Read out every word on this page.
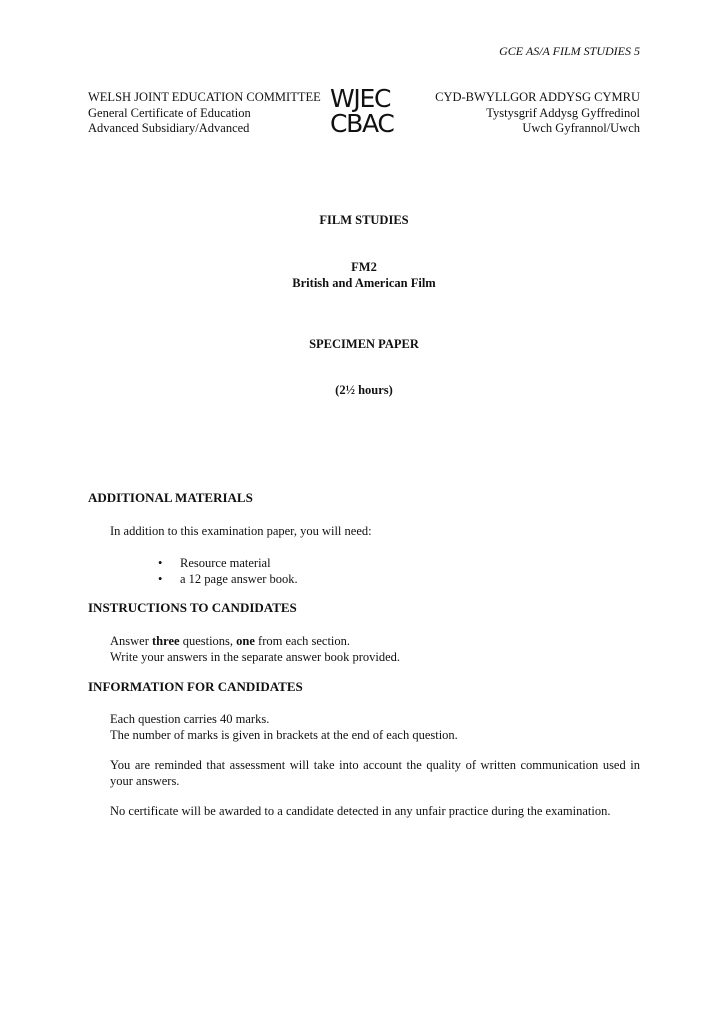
GCE AS/A FILM STUDIES 5
WELSH JOINT EDUCATION COMMITTEE
General Certificate of Education
Advanced Subsidiary/Advanced
WJEC
CBAC
CYD-BWYLLGOR ADDYSG CYMRU
Tystysgrif Addysg Gyffredinol
Uwch Gyfrannol/Uwch
FILM STUDIES
FM2
British and American Film
SPECIMEN PAPER
(2½ hours)
ADDITIONAL MATERIALS
In addition to this examination paper, you will need:
• Resource material
• a 12 page answer book.
INSTRUCTIONS TO CANDIDATES
Answer three questions, one from each section.
Write your answers in the separate answer book provided.
INFORMATION FOR CANDIDATES
Each question carries 40 marks.
The number of marks is given in brackets at the end of each question.
You are reminded that assessment will take into account the quality of written communication used in your answers.
No certificate will be awarded to a candidate detected in any unfair practice during the examination.
